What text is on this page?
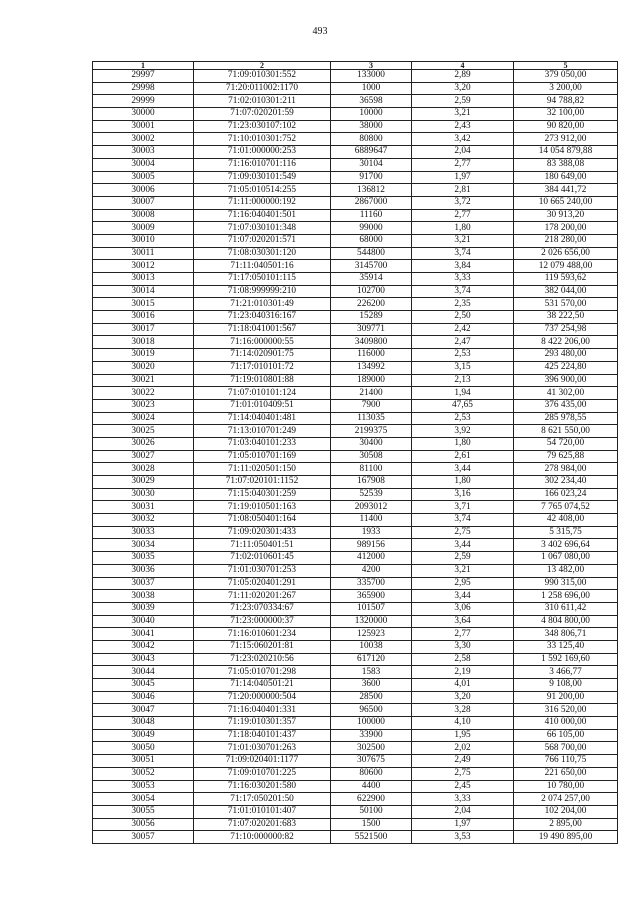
493
1	2	3	4	5
29997	71:09:010301:552	133000	2,89	379 050,00
29998	71:20:011002:1170	1000	3,20	3 200,00
29999	71:02:010301:211	36598	2,59	94 788,82
30000	71:07:020201:59	10000	3,21	32 100,00
30001	71:23:030107:102	38000	2,43	90 820,00
30002	71:10:010301:752	80800	3,42	273 912,00
30003	71:01:000000:253	6889647	2,04	14 054 879,88
30004	71:16:010701:116	30104	2,77	83 388,08
30005	71:09:030101:549	91700	1,97	180 649,00
30006	71:05:010514:255	136812	2,81	384 441,72
30007	71:11:000000:192	2867000	3,72	10 665 240,00
30008	71:16:040401:501	11160	2,77	30 913,20
30009	71:07:030101:348	99000	1,80	178 200,00
30010	71:07:020201:571	68000	3,21	218 280,00
30011	71:08:030301:120	544800	3,74	2 026 656,00
30012	71:11:040501:16	3145700	3,84	12 079 488,00
30013	71:17:050101:115	35914	3,33	119 593,62
30014	71:08:999999:210	102700	3,74	382 044,00
30015	71:21:010301:49	226200	2,35	531 570,00
30016	71:23:040316:167	15289	2,50	38 222,50
30017	71:18:041001:567	309771	2,42	737 254,98
30018	71:16:000000:55	3409800	2,47	8 422 206,00
30019	71:14:020901:75	116000	2,53	293 480,00
30020	71:17:010101:72	134992	3,15	425 224,80
30021	71:19:010801:88	189000	2,13	396 900,00
30022	71:07:010101:124	21400	1,94	41 302,00
30023	71:01:010409:51	7900	47,65	376 435,00
30024	71:14:040401:481	113035	2,53	285 978,55
30025	71:13:010701:249	2199375	3,92	8 621 550,00
30026	71:03:040101:233	30400	1,80	54 720,00
30027	71:05:010701:169	30508	2,61	79 625,88
30028	71:11:020501:150	81100	3,44	278 984,00
30029	71:07:020101:1152	167908	1,80	302 234,40
30030	71:15:040301:259	52539	3,16	166 023,24
30031	71:19:010501:163	2093012	3,71	7 765 074,52
30032	71:08:050401:164	11400	3,74	42 408,00
30033	71:09:020301:433	1933	2,75	5 315,75
30034	71:11:050401:51	989156	3,44	3 402 696,64
30035	71:02:010601:45	412000	2,59	1 067 080,00
30036	71:01:030701:253	4200	3,21	13 482,00
30037	71:05:020401:291	335700	2,95	990 315,00
30038	71:11:020201:267	365900	3,44	1 258 696,00
30039	71:23:070334:67	101507	3,06	310 611,42
30040	71:23:000000:37	1320000	3,64	4 804 800,00
30041	71:16:010601:234	125923	2,77	348 806,71
30042	71:15:060201:81	10038	3,30	33 125,40
30043	71:23:020210:56	617120	2,58	1 592 169,60
30044	71:05:010701:298	1583	2,19	3 466,77
30045	71:14:040501:21	3600	4,01	9 108,00
30046	71:20:000000:504	28500	3,20	91 200,00
30047	71:16:040401:331	96500	3,28	316 520,00
30048	71:19:010301:357	100000	4,10	410 000,00
30049	71:18:040101:437	33900	1,95	66 105,00
30050	71:01:030701:263	302500	2,02	568 700,00
30051	71:09:020401:1177	307675	2,49	766 110,75
30052	71:09:010701:225	80600	2,75	221 650,00
30053	71:16:030201:580	4400	2,45	10 780,00
30054	71:17:050201:50	622900	3,33	2 074 257,00
30055	71:01:010101:407	50100	2,04	102 204,00
30056	71:07:020201:683	1500	1,97	2 895,00
30057	71:10:000000:82	5521500	3,53	19 490 895,00
